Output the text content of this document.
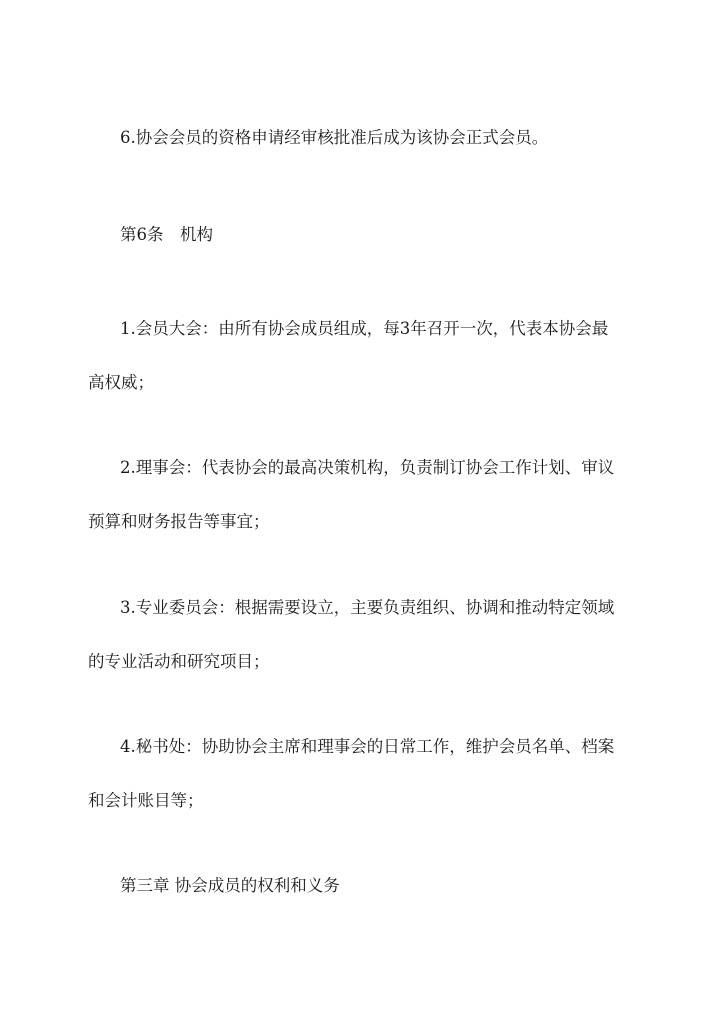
6.协会会员的资格申请经审核批准后成为该协会正式会员。

第6条　机构

1.会员大会：由所有协会成员组成，每3年召开一次，代表本协会最
高权威；

2.理事会：代表协会的最高决策机构，负责制订协会工作计划、审议
预算和财务报告等事宜；

3.专业委员会：根据需要设立，主要负责组织、协调和推动特定领域
的专业活动和研究项目；

4.秘书处：协助协会主席和理事会的日常工作，维护会员名单、档案
和会计账目等；

第三章 协会成员的权利和义务
